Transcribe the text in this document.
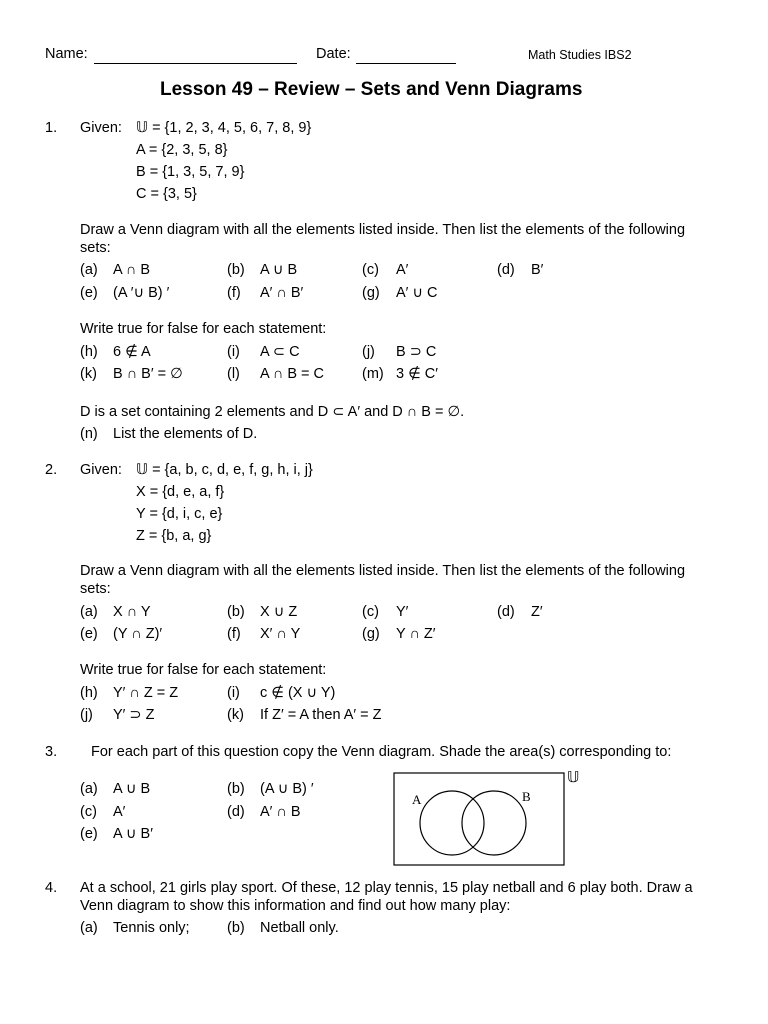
Name:	Date:	Math Studies IBS2
Lesson 49 – Review – Sets and Venn Diagrams
1. Given: 𝕌 = {1, 2, 3, 4, 5, 6, 7, 8, 9}
A = {2, 3, 5, 8}
B = {1, 3, 5, 7, 9}
C = {3, 5}
Draw a Venn diagram with all the elements listed inside. Then list the elements of the following
sets:
(a) A ∩ B	(b) A ∪ B	(c) A′	(d) B′
(e) (A ′∪ B) ′	(f) A′ ∩ B′	(g) A′ ∪ C
Write true for false for each statement:
(h) 6 ∉ A	(i) A ⊂ C	(j) B ⊃ C
(k) B ∩ B′ = ∅	(l) A ∩ B = C	(m) 3 ∉ C′
D is a set containing 2 elements and D ⊂ A′ and D ∩ B = ∅.
(n) List the elements of D.
2. Given: 𝕌 = {a, b, c, d, e, f, g, h, i, j}
X = {d, e, a, f}
Y = {d, i, c, e}
Z = {b, a, g}
Draw a Venn diagram with all the elements listed inside. Then list the elements of the following
sets:
(a) X ∩ Y	(b) X ∪ Z	(c) Y′	(d) Z′
(e) (Y ∩ Z)′	(f) X′ ∩ Y	(g) Y ∩ Z′
Write true for false for each statement:
(h) Y′ ∩ Z = Z	(i) c ∉ (X ∪ Y)
(j) Y′ ⊃ Z	(k) If Z′ = A then A′ = Z
3. For each part of this question copy the Venn diagram. Shade the area(s) corresponding to:
(a) A ∪ B	(b) (A ∪ B) ′
(c) A′	(d) A′ ∩ B
(e) A ∪ B′
A	B
𝕌
4. At a school, 21 girls play sport. Of these, 12 play tennis, 15 play netball and 6 play both. Draw a
Venn diagram to show this information and find out how many play:
(a) Tennis only;	(b) Netball only.
